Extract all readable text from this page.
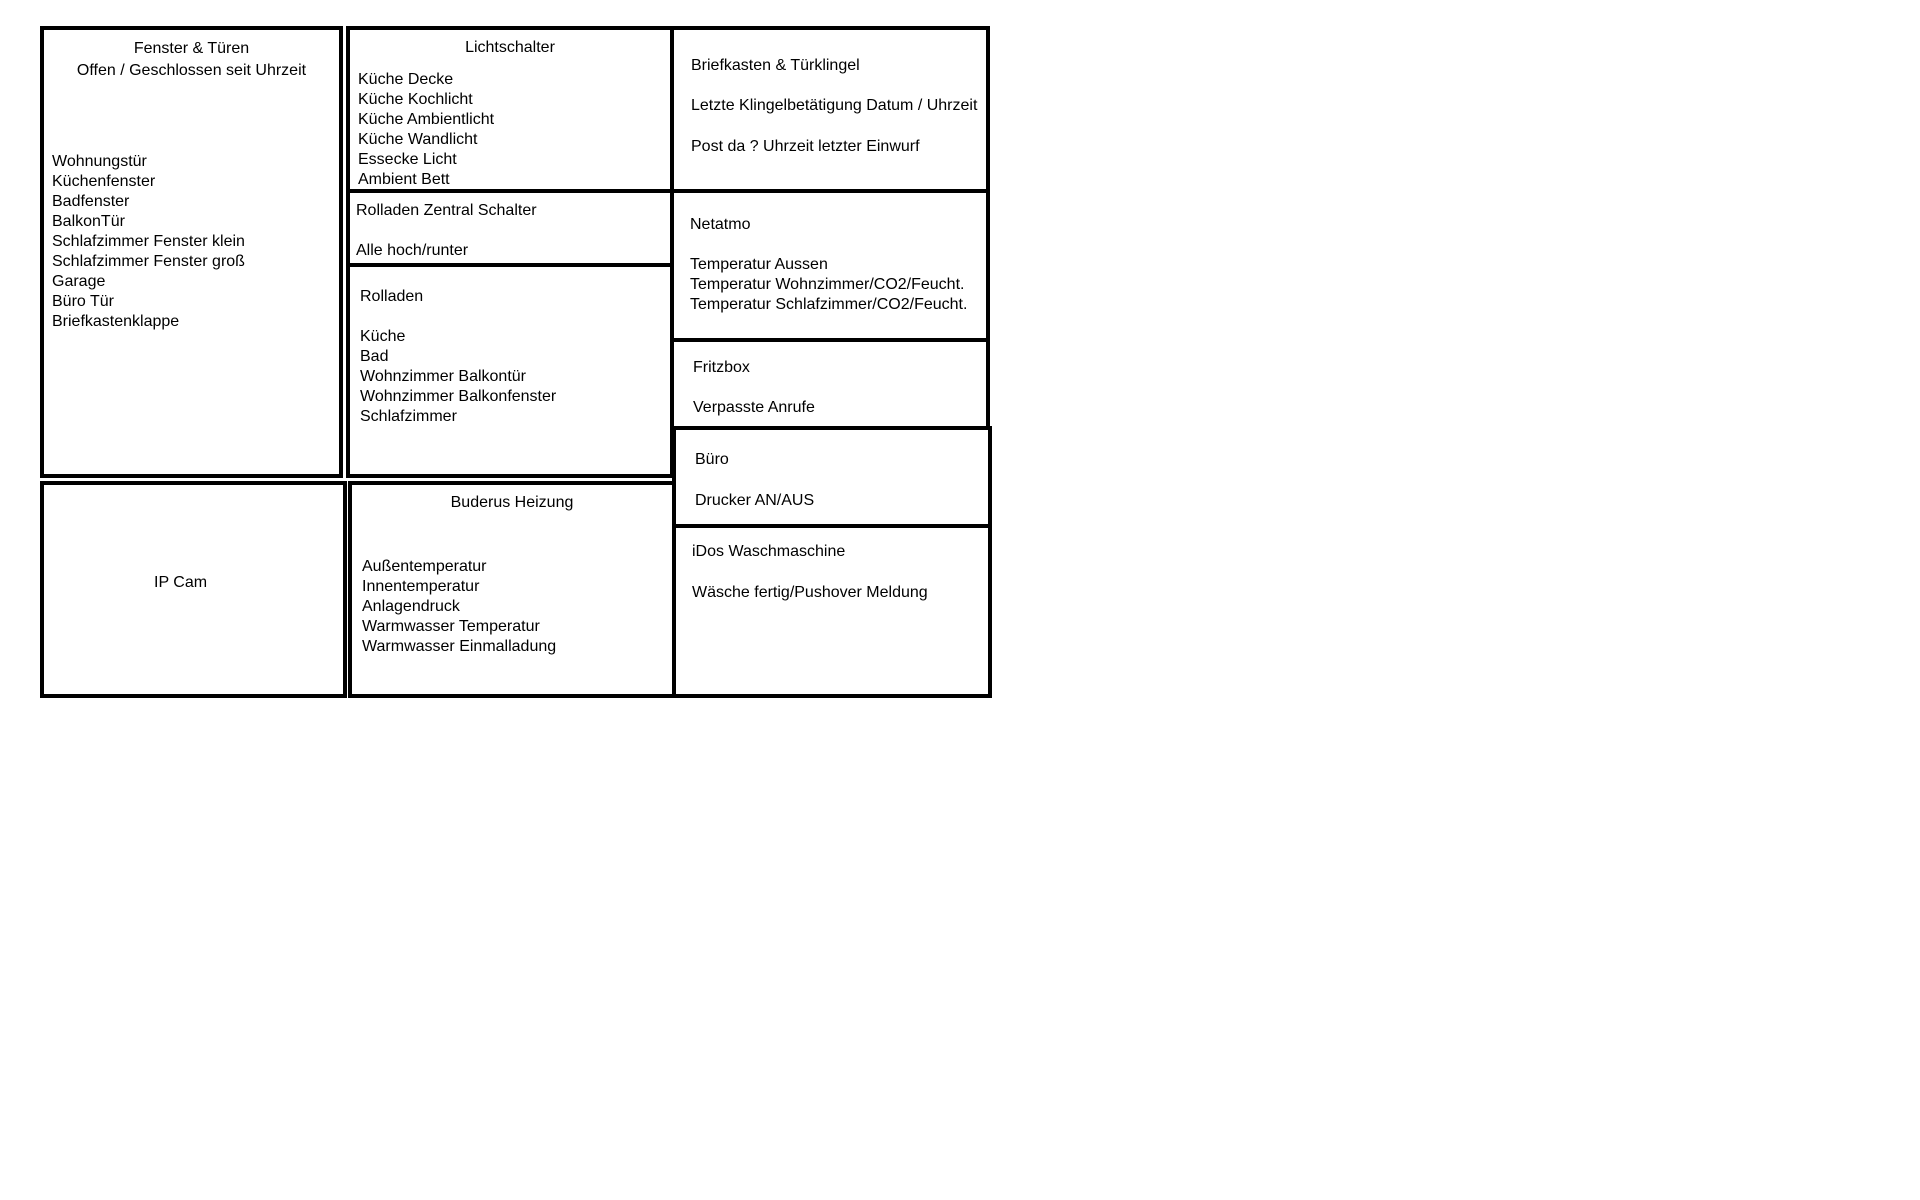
Fenster & Türen
Offen / Geschlossen seit Uhrzeit
Wohnungstür
Küchenfenster
Badfenster
BalkonTür
Schlafzimmer Fenster klein
Schlafzimmer Fenster groß
Garage
Büro Tür
Briefkastenklappe
Lichtschalter
Küche Decke
Küche Kochlicht
Küche Ambientlicht
Küche Wandlicht
Essecke Licht
Ambient Bett
Briefkasten & Türklingel
Letzte Klingelbetätigung Datum / Uhrzeit
Post da ? Uhrzeit letzter Einwurf
Rolladen Zentral Schalter
Alle hoch/runter
Netatmo
Temperatur Aussen
Temperatur Wohnzimmer/CO2/Feucht.
Temperatur Schlafzimmer/CO2/Feucht.
Rolladen
Küche
Bad
Wohnzimmer Balkontür
Wohnzimmer Balkonfenster
Schlafzimmer
Fritzbox
Verpasste Anrufe
Büro
Drucker AN/AUS
IP Cam
Buderus Heizung
Außentemperatur
Innentemperatur
Anlagendruck
Warmwasser Temperatur
Warmwasser Einmalladung
iDos Waschmaschine
Wäsche fertig/Pushover Meldung
